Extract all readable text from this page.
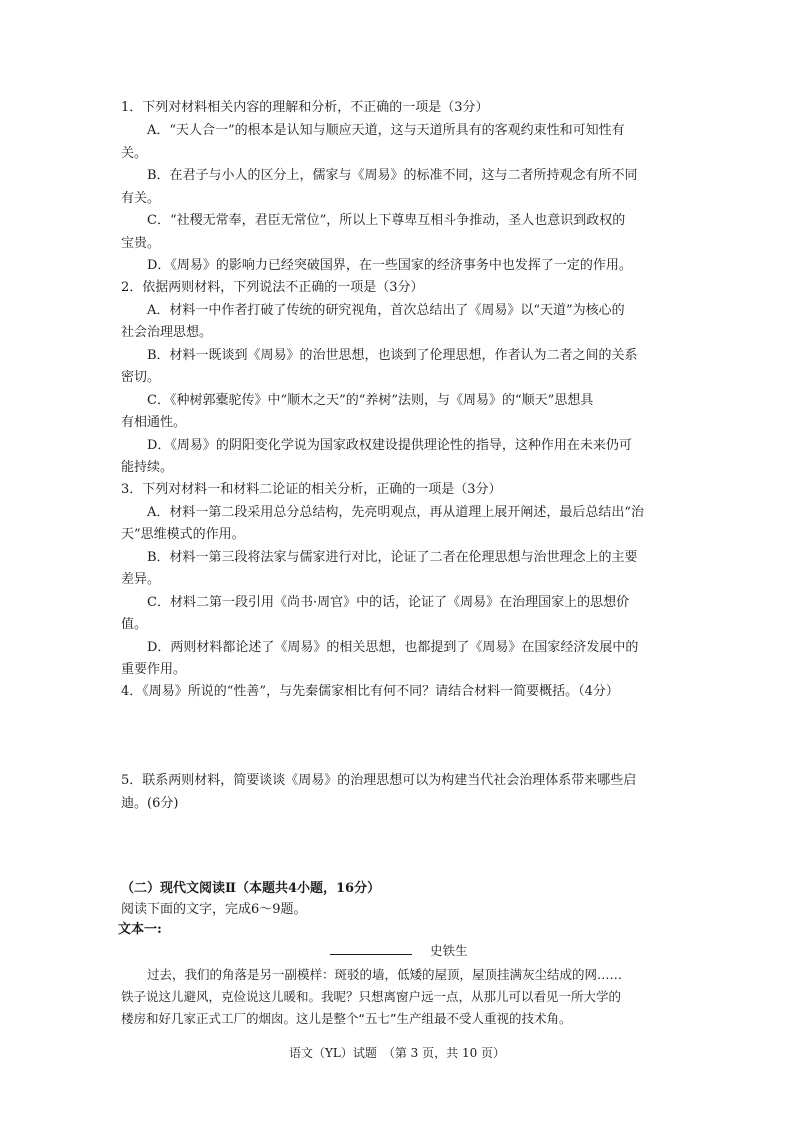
1．下列对材料相关内容的理解和分析，不正确的一项是（3分）

A．“天人合一”的根本是认知与顺应天道，这与天道所具有的客观约束性和可知性有

关。

B．在君子与小人的区分上，儒家与《周易》的标准不同，这与二者所持观念有所不同

有关。

C．“社稷无常奉，君臣无常位”，所以上下尊卑互相斗争推动，圣人也意识到政权的

宝贵。

D．《周易》的影响力已经突破国界，在一些国家的经济事务中也发挥了一定的作用。

2．依据两则材料，下列说法不正确的一项是（3分）

A．材料一中作者打破了传统的研究视角，首次总结出了《周易》以“天道”为核心的

社会治理思想。

B．材料一既谈到《周易》的治世思想，也谈到了伦理思想，作者认为二者之间的关系

密切。

C．《种树郭橐驼传》中“顺木之天”的“养树”法则，与《周易》的“顺天”思想具

有相通性。

D．《周易》的阴阳变化学说为国家政权建设提供理论性的指导，这种作用在未来仍可

能持续。

3．下列对材料一和材料二论证的相关分析，正确的一项是（3分）

A．材料一第二段采用总分总结构，先亮明观点，再从道理上展开阐述，最后总结出“治

天”思维模式的作用。

B．材料一第三段将法家与儒家进行对比，论证了二者在伦理思想与治世理念上的主要

差异。

C．材料二第一段引用《尚书·周官》中的话，论证了《周易》在治理国家上的思想价

值。

D．两则材料都论述了《周易》的相关思想，也都提到了《周易》在国家经济发展中的

重要作用。

4．《周易》所说的“性善”，与先秦儒家相比有何不同？请结合材料一简要概括。（4分）

5．联系两则材料，简要谈谈《周易》的治理思想可以为构建当代社会治理体系带来哪些启

迪。(6分)

（二）现代文阅读Ⅱ（本题共4小题，16分）

阅读下面的文字，完成6～9题。

文本一:

史铁生

过去，我们的角落是另一副模样：斑驳的墙，低矮的屋顶，屋顶挂满灰尘结成的网……

铁子说这儿避风，克俭说这儿暖和。我呢？只想离窗户远一点，从那儿可以看见一所大学的

楼房和好几家正式工厂的烟囱。这儿是整个“五七”生产组最不受人重视的技术角。

语文（YL）试题　（第 3 页，共 10 页）
